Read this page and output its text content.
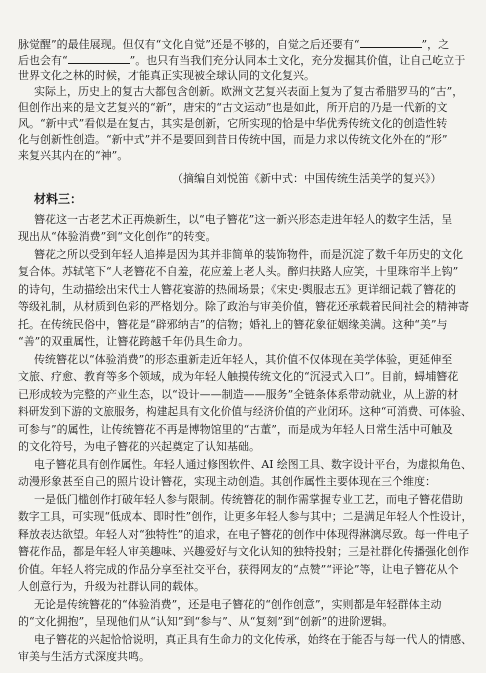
脉觉醒”的最佳展现。但仅有“文化自觉”还是不够的，自觉之后还要有“	”，之
后也会有“	”。也只有当我们充分认同本土文化，充分发掘其价值，让自己屹立于
世界文化之林的时候，才能真正实现被全球认同的文化复兴。
实际上，历史上的复古大都包含创新。欧洲文艺复兴表面上复为了复古希腊罗马的“古”，
但创作出来的是文艺复兴的“新”，唐宋的“古文运动”也是如此，所开启的乃是一代新的文
风。“新中式”看似是在复古，其实是创新，它所实现的恰是中华优秀传统文化的创造性转
化与创新性创造。“新中式”并不是要回到昔日传统中国，而是力求以传统文化外在的“形”
来复兴其内在的“神”。
（摘编自刘悦笛《新中式：中国传统生活美学的复兴》）
材料三：
簪花这一古老艺术正再焕新生，以“电子簪花”这一新兴形态走进年轻人的数字生活，呈
现出从“体验消费”到“文化创作”的转变。
簪花之所以受到年轻人追捧是因为其并非简单的装饰物件，而是沉淀了数千年历史的文化
复合体。苏轼笔下“人老簪花不自羞，花应羞上老人头。醉归扶路人应笑，十里珠帘半上钩”
的诗句，生动描绘出宋代士人簪花宴游的热闹场景；《宋史·舆服志五》更详细记载了簪花的
等级礼制，从材质到色彩的严格划分。除了政治与审美价值，簪花还承载着民间社会的精神寄
托。在传统民俗中，簪花是“辟邪纳吉”的信物；婚礼上的簪花象征姻缘美满。这种“美”与
“善”的双重属性，让簪花跨越千年仍具生命力。
传统簪花以“体验消费”的形态重新走近年轻人，其价值不仅体现在美学体验，更延伸至
文旅、疗愈、教育等多个领域，成为年轻人触摸传统文化的“沉浸式入口”。目前，蟳埔簪花
已形成较为完整的产业生态，以“设计——制造——服务”全链条体系带动就业，从上游的材
料研发到下游的文旅服务，构建起具有文化价值与经济价值的产业闭环。这种“可消费、可体验、
可参与”的属性，让传统簪花不再是博物馆里的“古董”，而是成为年轻人日常生活中可触及
的文化符号，为电子簪花的兴起奠定了认知基础。
电子簪花具有创作属性。年轻人通过修图软件、AI 绘图工具、数字设计平台，为虚拟角色、
动漫形象甚至自己的照片设计簪花，实现主动创造。其创作属性主要体现在三个维度：
一是低门槛创作打破年轻人参与限制。传统簪花的制作需掌握专业工艺，而电子簪花借助
数字工具，可实现“低成本、即时性”创作，让更多年轻人参与其中；二是满足年轻人个性设计，
释放表达欲望。年轻人对“独特性”的追求，在电子簪花的创作中体现得淋漓尽致。每一件电子
簪花作品，都是年轻人审美趣味、兴趣爱好与文化认知的独特投射；三是社群化传播强化创作
价值。年轻人将完成的作品分享至社交平台，获得网友的“点赞”“评论”等，让电子簪花从个
人创意行为，升级为社群认同的载体。
无论是传统簪花的“体验消费”，还是电子簪花的“创作创意”，实则都是年轻群体主动
的“文化拥抱”，呈现他们从“认知”到“参与”、从“复刻”到“创新”的进阶逻辑。
电子簪花的兴起恰恰说明，真正具有生命力的文化传承，始终在于能否与每一代人的情感、
审美与生活方式深度共鸣。
